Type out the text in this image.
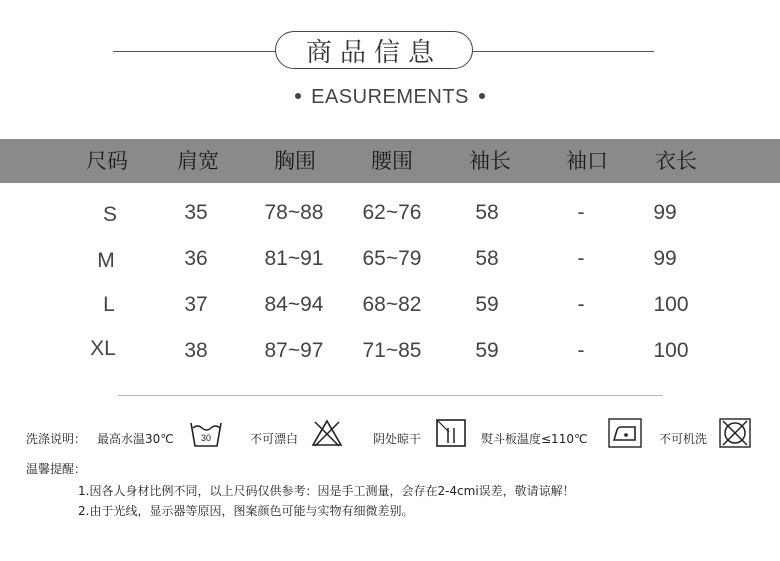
商品信息
EASUREMENTS
尺码 肩宽	胸围	腰围	袖长	袖口 衣长
S	35	78~88 62~76	58	-	99
M	36	81~91 65~79	58	-	99
L	37	84~94 68~82	59	-	100
XL	38	87~97 71~85	59	-	100
洗涤说明： 最高水温30℃	30	不可漂白	阴处晾干	熨斗板温度≤110℃	不可机洗
温馨提醒：
1.因各人身材比例不同，以上尺码仅供参考：因是手工测量，会存在2-4cmi误差，敬请谅解！
2.由于光线，显示器等原因，图案颜色可能与实物有细微差别。
